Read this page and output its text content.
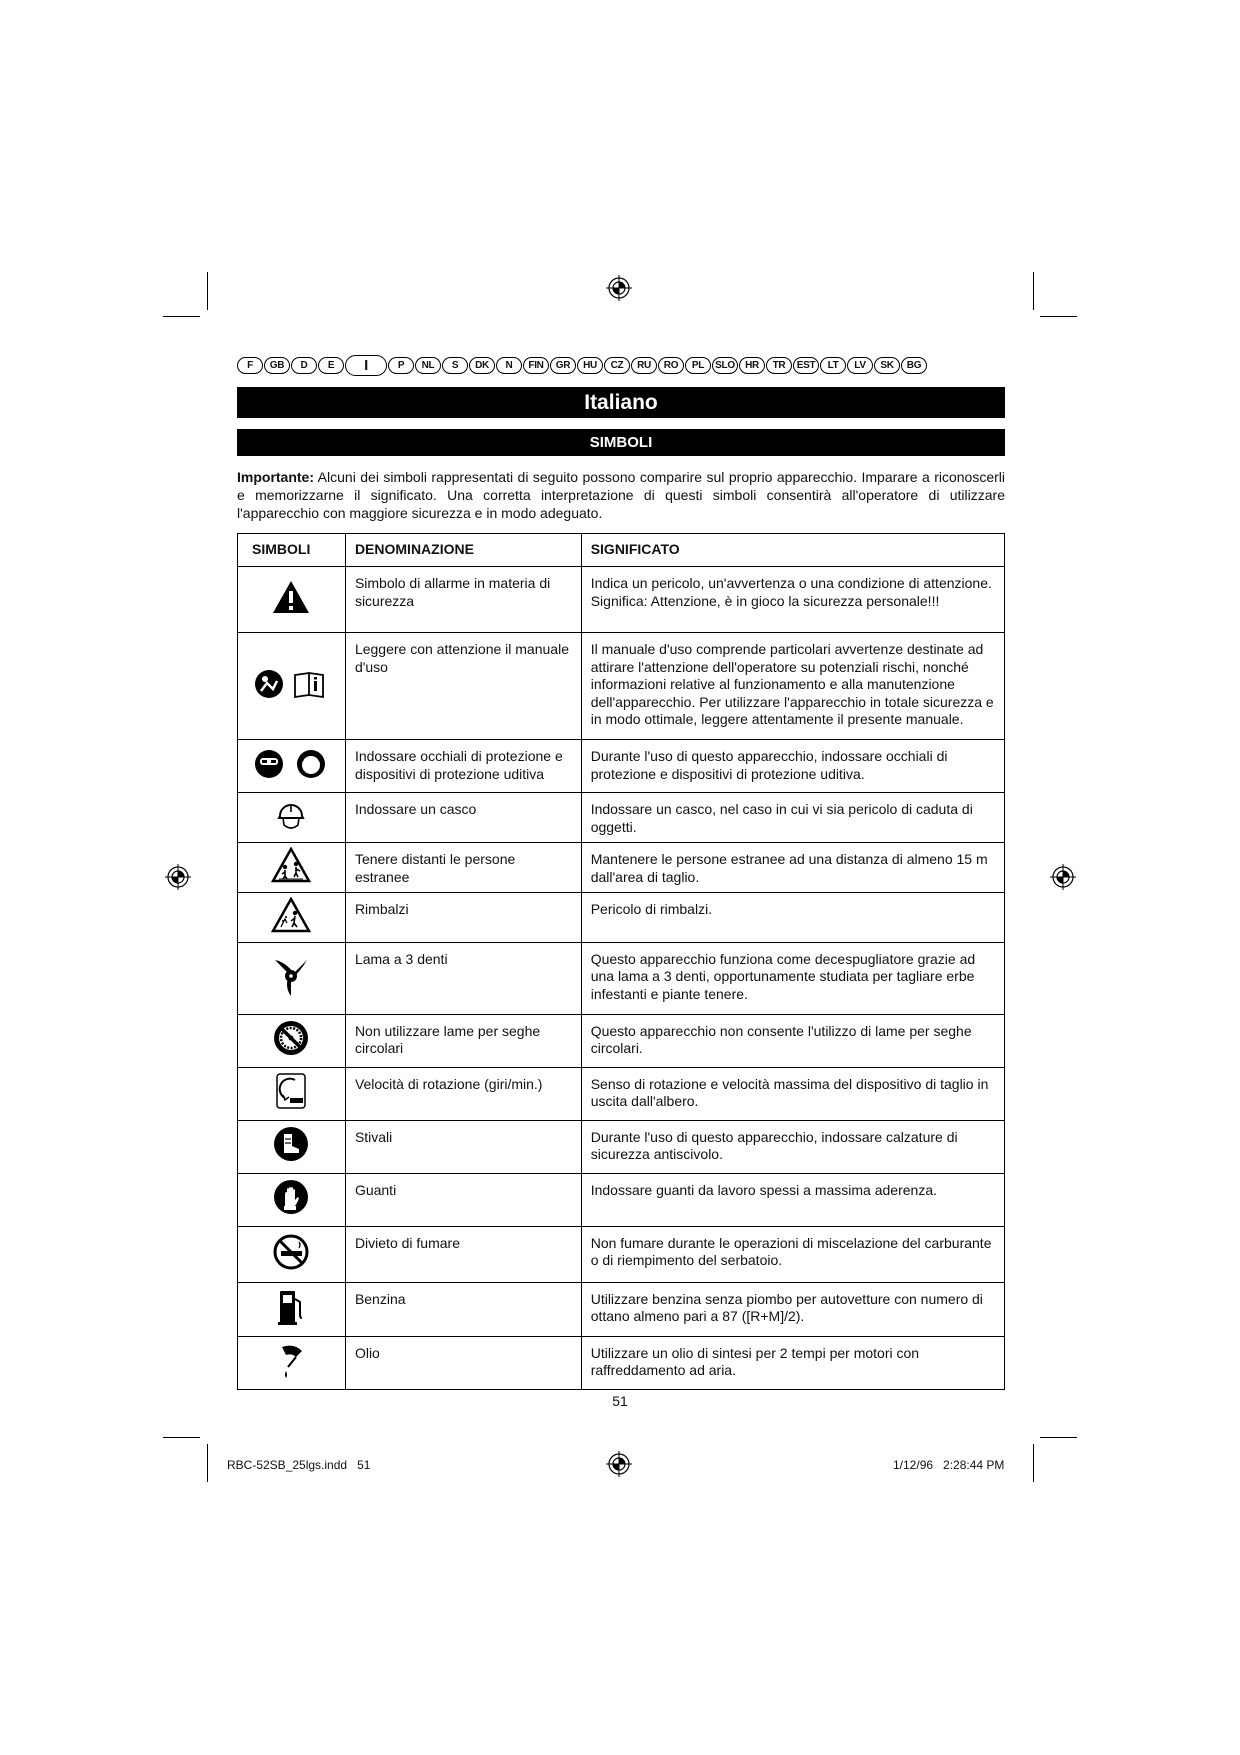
F	GB	D	E	I	P	NL	S	DK	N	FIN	GR	HU	CZ	RU	RO	PL	SLO	HR	TR	EST	LT	LV	SK	BG
Italiano
SIMBOLI
Importante: Alcuni dei simboli rappresentati di seguito possono comparire sul proprio apparecchio. Imparare a riconoscerli e memorizzarne il significato. Una corretta interpretazione di questi simboli consentirà all'operatore di utilizzare l'apparecchio con maggiore sicurezza e in modo adeguato.
SIMBOLI	DENOMINAZIONE	SIGNIFICATO
	Simbolo di allarme in materia di sicurezza	Indica un pericolo, un'avvertenza o una condizione di attenzione. Significa: Attenzione, è in gioco la sicurezza personale!!!
	Leggere con attenzione il manuale d'uso	Il manuale d'uso comprende particolari avvertenze destinate ad attirare l'attenzione dell'operatore su potenziali rischi, nonché informazioni relative al funzionamento e alla manutenzione dell'apparecchio. Per utilizzare l'apparecchio in totale sicurezza e in modo ottimale, leggere attentamente il presente manuale.
	Indossare occhiali di protezione e dispositivi di protezione uditiva	Durante l'uso di questo apparecchio, indossare occhiali di protezione e dispositivi di protezione uditiva.
	Indossare un casco	Indossare un casco, nel caso in cui vi sia pericolo di caduta di oggetti.
	Tenere distanti le persone estranee	Mantenere le persone estranee ad una distanza di almeno 15 m dall'area di taglio.
	Rimbalzi	Pericolo di rimbalzi.
	Lama a 3 denti	Questo apparecchio funziona come decespugliatore grazie ad una lama a 3 denti, opportunamente studiata per tagliare erbe infestanti e piante tenere.
	Non utilizzare lame per seghe circolari	Questo apparecchio non consente l'utilizzo di lame per seghe circolari.
	Velocità di rotazione (giri/min.)	Senso di rotazione e velocità massima del dispositivo di taglio in uscita dall'albero.
	Stivali	Durante l'uso di questo apparecchio, indossare calzature di sicurezza antiscivolo.
	Guanti	Indossare guanti da lavoro spessi a massima aderenza.
	Divieto di fumare	Non fumare durante le operazioni di miscelazione del carburante o di riempimento del serbatoio.
	Benzina	Utilizzare benzina senza piombo per autovetture con numero di ottano almeno pari a 87 ([R+M]/2).
	Olio	Utilizzare un olio di sintesi per 2 tempi per motori con raffreddamento ad aria.
51
RBC-52SB_25lgs.indd   51	1/12/96   2:28:44 PM
